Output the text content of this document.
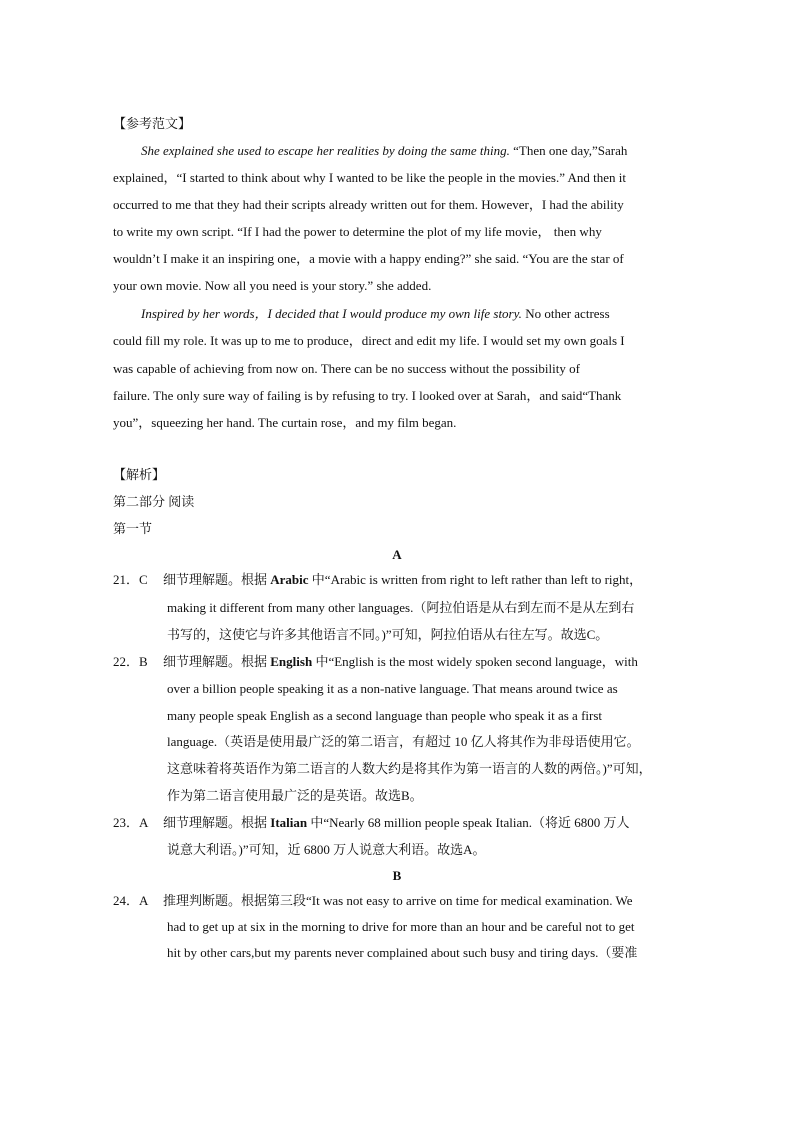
【参考范文】
She explained she used to escape her realities by doing the same thing. “Then one day,”Sarah
explained，“I started to think about why I wanted to be like the people in the movies.” And then it
occurred to me that they had their scripts already written out for them. However，I had the ability
to write my own script. “If I had the power to determine the plot of my life movie， then why
wouldn’t I make it an inspiring one，a movie with a happy ending?” she said. “You are the star of
your own movie. Now all you need is your story.” she added.
Inspired by her words，I decided that I would produce my own life story. No other actress
could fill my role. It was up to me to produce，direct and edit my life. I would set my own goals I
was capable of achieving from now on. There can be no success without the possibility of
failure. The only sure way of failing is by refusing to try. I looked over at Sarah，and said“Thank
you”，squeezing her hand. The curtain rose，and my film began.
【解析】
第二部分 阅读
第一节
A
21．C 细节理解题。根据 Arabic 中“Arabic is written from right to left rather than left to right，
making it different from many other languages.（阿拉伯语是从右到左而不是从左到右
书写的，这使它与许多其他语言不同。)”可知，阿拉伯语从右往左写。故选C。
22．B 细节理解题。根据 English 中“English is the most widely spoken second language，with
over a billion people speaking it as a non-native language. That means around twice as
many people speak English as a second language than people who speak it as a first
language.（英语是使用最广泛的第二语言，有超过 10 亿人将其作为非母语使用它。
这意味着将英语作为第二语言的人数大约是将其作为第一语言的人数的两倍。)”可知，
作为第二语言使用最广泛的是英语。故选B。
23．A 细节理解题。根据 Italian 中“Nearly 68 million people speak Italian.（将近 6800 万人
说意大利语。)”可知，近 6800 万人说意大利语。故选A。
B
24．A 推理判断题。根据第三段“It was not easy to arrive on time for medical examination. We
had to get up at six in the morning to drive for more than an hour and be careful not to get
hit by other cars,but my parents never complained about such busy and tiring days.（要准
